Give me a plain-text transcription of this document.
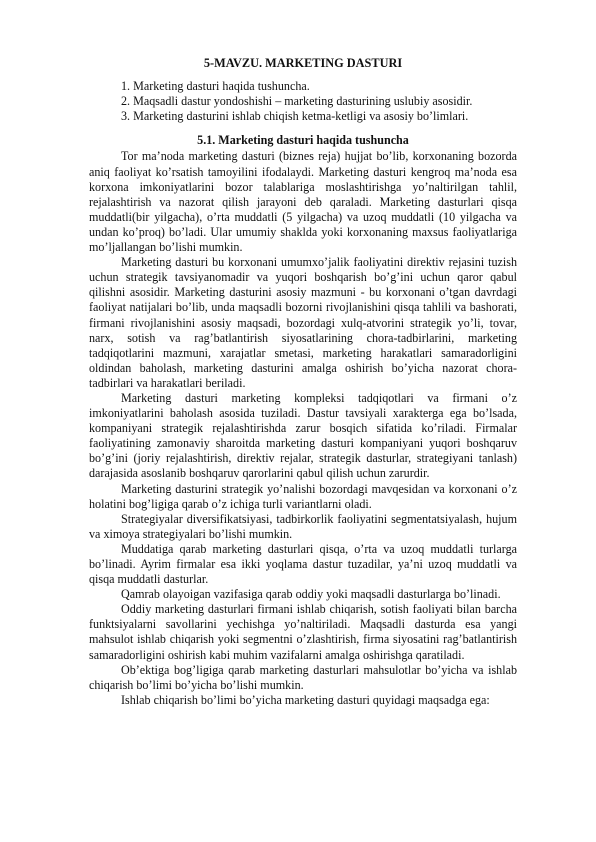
5-MAVZU. MARKETING DASTURI
1. Marketing dasturi haqida tushuncha.
2. Maqsadli dastur yondoshishi – marketing dasturining uslubiy asosidir.
3. Marketing dasturini ishlab chiqish ketma-ketligi va asosiy bo’limlari.
5.1. Marketing dasturi haqida tushuncha

Tor ma’noda marketing dasturi (biznes reja) hujjat bo’lib, korxonaning bozorda aniq faoliyat ko’rsatish tamoyilini ifodalaydi. Marketing dasturi kengroq ma’noda esa korxona imkoniyatlarini bozor talablariga moslashtirishga yo’naltirilgan tahlil, rejalashtirish va nazorat qilish jarayoni deb qaraladi. Marketing dasturlari qisqa muddatli(bir yilgacha), o’rta muddatli (5 yilgacha) va uzoq muddatli (10 yilgacha va undan ko’proq) bo’ladi. Ular umumiy shaklda yoki korxonaning maxsus faoliyatlariga mo’ljallangan bo’lishi mumkin.

Marketing dasturi bu korxonani umumxo’jalik faoliyatini direktiv rejasini tuzish uchun strategik tavsiyanomadir va yuqori boshqarish bo’g’ini uchun qaror qabul qilishni asosidir. Marketing dasturini asosiy mazmuni - bu korxonani o’tgan davrdagi faoliyat natijalari bo’lib, unda maqsadli bozorni rivojlanishini qisqa tahlili va bashorati, firmani rivojlanishini asosiy maqsadi, bozordagi xulq-atvorini strategik yo’li, tovar, narx, sotish va rag’batlantirish siyosatlarining chora-tadbirlarini, marketing tadqiqotlarini mazmuni, xarajatlar smetasi, marketing harakatlari samaradorligini oldindan baholash, marketing dasturini amalga oshirish bo’yicha nazorat chora-tadbirlari va harakatlari beriladi.

Marketing dasturi marketing kompleksi tadqiqotlari va firmani o’z imkoniyatlarini baholash asosida tuziladi. Dastur tavsiyali xarakterga ega bo’lsada, kompaniyani strategik rejalashtirishda zarur bosqich sifatida ko’riladi. Firmalar faoliyatining zamonaviy sharoitda marketing dasturi kompaniyani yuqori boshqaruv bo’g’ini (joriy rejalashtirish, direktiv rejalar, strategik dasturlar, strategiyani tanlash) darajasida asoslanib boshqaruv qarorlarini qabul qilish uchun zarurdir.

Marketing dasturini strategik yo’nalishi bozordagi mavqesidan va korxonani o’z holatini bog’ligiga qarab o’z ichiga turli variantlarni oladi.

Strategiyalar diversifikatsiyasi, tadbirkorlik faoliyatini segmentatsiyalash, hujum va ximoya strategiyalari bo’lishi mumkin.

Muddatiga qarab marketing dasturlari qisqa, o’rta va uzoq muddatli turlarga bo’linadi. Ayrim firmalar esa ikki yoqlama dastur tuzadilar, ya’ni uzoq muddatli va qisqa muddatli dasturlar.

Qamrab olayoigan vazifasiga qarab oddiy yoki maqsadli dasturlarga bo’linadi.

Oddiy marketing dasturlari firmani ishlab chiqarish, sotish faoliyati bilan barcha funktsiyalarni savollarini yechishga yo’naltiriladi. Maqsadli dasturda esa yangi mahsulot ishlab chiqarish yoki segmentni o’zlashtirish, firma siyosatini rag’batlantirish samaradorligini oshirish kabi muhim vazifalarni amalga oshirishga qaratiladi.

Ob’ektiga bog’ligiga qarab marketing dasturlari mahsulotlar bo’yicha va ishlab chiqarish bo’limi bo’yicha bo’lishi mumkin.

Ishlab chiqarish bo’limi bo’yicha marketing dasturi quyidagi maqsadga ega:
